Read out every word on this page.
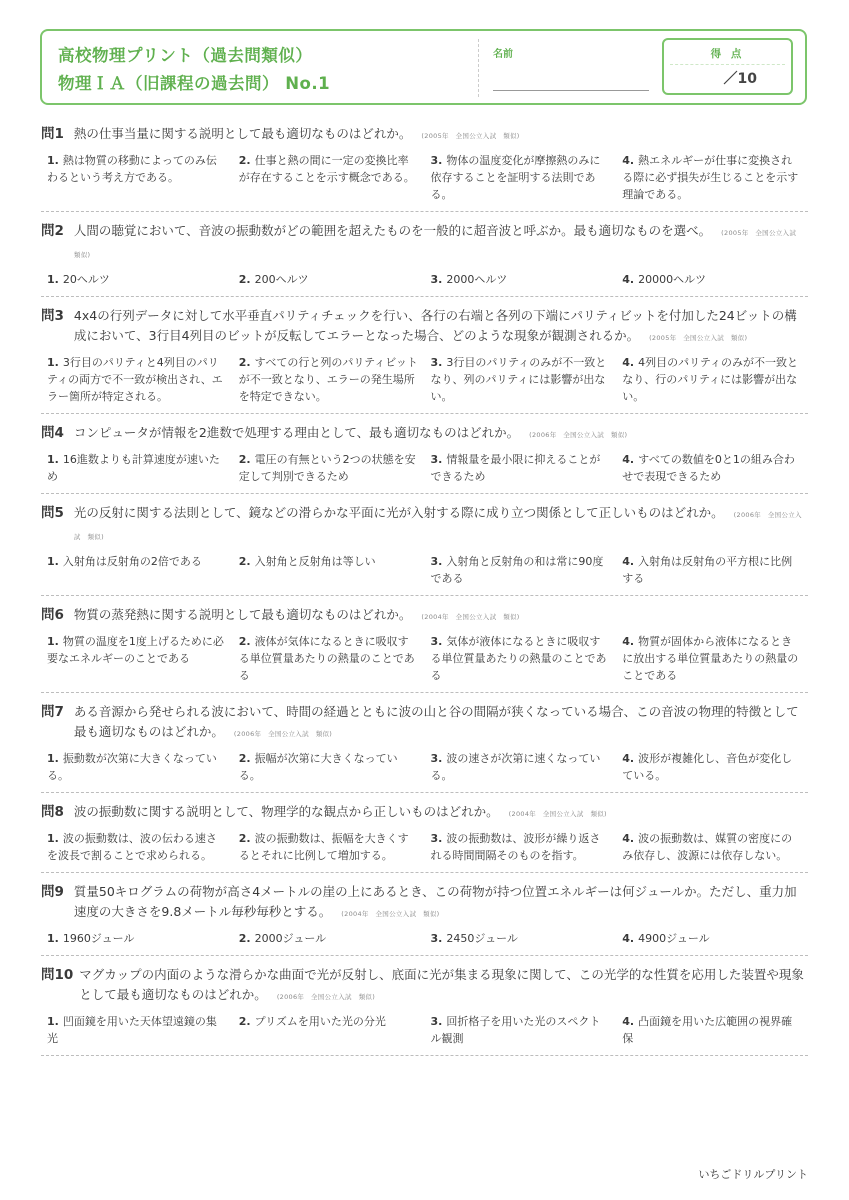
高校物理プリント（過去問類似）
物理ＩＡ（旧課程の過去問） No.1
名前	得 点
／10
問1 熱の仕事当量に関する説明として最も適切なものはどれか。 (2005年　全国公立入試　類似)
1. 熱は物質の移動によってのみ伝わるという考え方である。
2. 仕事と熱の間に一定の変換比率が存在することを示す概念である。
3. 物体の温度変化が摩擦熱のみに依存することを証明する法則である。
4. 熱エネルギーが仕事に変換される際に必ず損失が生じることを示す理論である。
問2 人間の聴覚において、音波の振動数がどの範囲を超えたものを一般的に超音波と呼ぶか。最も適切なものを選べ。 (2005年　全国公立入試　類似)
1. 20ヘルツ	2. 200ヘルツ	3. 2000ヘルツ	4. 20000ヘルツ
問3 4x4の行列データに対して水平垂直パリティチェックを行い、各行の右端と各列の下端にパリティビットを付加した24ビットの構成において、3行目4列目のビットが反転してエラーとなった場合、どのような現象が観測されるか。 (2005年　全国公立入試　類似)
1. 3行目のパリティと4列目のパリティの両方で不一致が検出され、エラー箇所が特定される。
2. すべての行と列のパリティビットが不一致となり、エラーの発生場所を特定できない。
3. 3行目のパリティのみが不一致となり、列のパリティには影響が出ない。
4. 4列目のパリティのみが不一致となり、行のパリティには影響が出ない。
問4 コンピュータが情報を2進数で処理する理由として、最も適切なものはどれか。 (2006年　全国公立入試　類似)
1. 16進数よりも計算速度が速いため
2. 電圧の有無という2つの状態を安定して判別できるため
3. 情報量を最小限に抑えることができるため
4. すべての数値を0と1の組み合わせで表現できるため
問5 光の反射に関する法則として、鏡などの滑らかな平面に光が入射する際に成り立つ関係として正しいものはどれか。 (2006年　全国公立入試　類似)
1. 入射角は反射角の2倍である	2. 入射角と反射角は等しい	3. 入射角と反射角の和は常に90度である
4. 入射角は反射角の平方根に比例する
問6 物質の蒸発熱に関する説明として最も適切なものはどれか。 (2004年　全国公立入試　類似)
1. 物質の温度を1度上げるために必要なエネルギーのことである
2. 液体が気体になるときに吸収する単位質量あたりの熱量のことである
3. 気体が液体になるときに吸収する単位質量あたりの熱量のことである
4. 物質が固体から液体になるときに放出する単位質量あたりの熱量のことである
問7 ある音源から発せられる波において、時間の経過とともに波の山と谷の間隔が狭くなっている場合、この音波の物理的特徴として最も適切なものはどれか。 (2006年　全国公立入試　類似)
1. 振動数が次第に大きくなっている。
2. 振幅が次第に大きくなっている。
3. 波の速さが次第に速くなっている。
4. 波形が複雑化し、音色が変化している。
問8 波の振動数に関する説明として、物理学的な観点から正しいものはどれか。 (2004年　全国公立入試　類似)
1. 波の振動数は、波の伝わる速さを波長で割ることで求められる。
2. 波の振動数は、振幅を大きくするとそれに比例して増加する。
3. 波の振動数は、波形が繰り返される時間間隔そのものを指す。
4. 波の振動数は、媒質の密度にのみ依存し、波源には依存しない。
問9 質量50キログラムの荷物が高さ4メートルの崖の上にあるとき、この荷物が持つ位置エネルギーは何ジュールか。ただし、重力加速度の大きさを9.8メートル毎秒毎秒とする。 (2004年　全国公立入試　類似)
1. 1960ジュール	2. 2000ジュール	3. 2450ジュール	4. 4900ジュール
問10 マグカップの内面のような滑らかな曲面で光が反射し、底面に光が集まる現象に関して、この光学的な性質を応用した装置や現象として最も適切なものはどれか。 (2006年　全国公立入試　類似)
1. 凹面鏡を用いた天体望遠鏡の集光
2. プリズムを用いた光の分光	3. 回折格子を用いた光のスペクトル観測
4. 凸面鏡を用いた広範囲の視界確保
いちごドリルプリント
